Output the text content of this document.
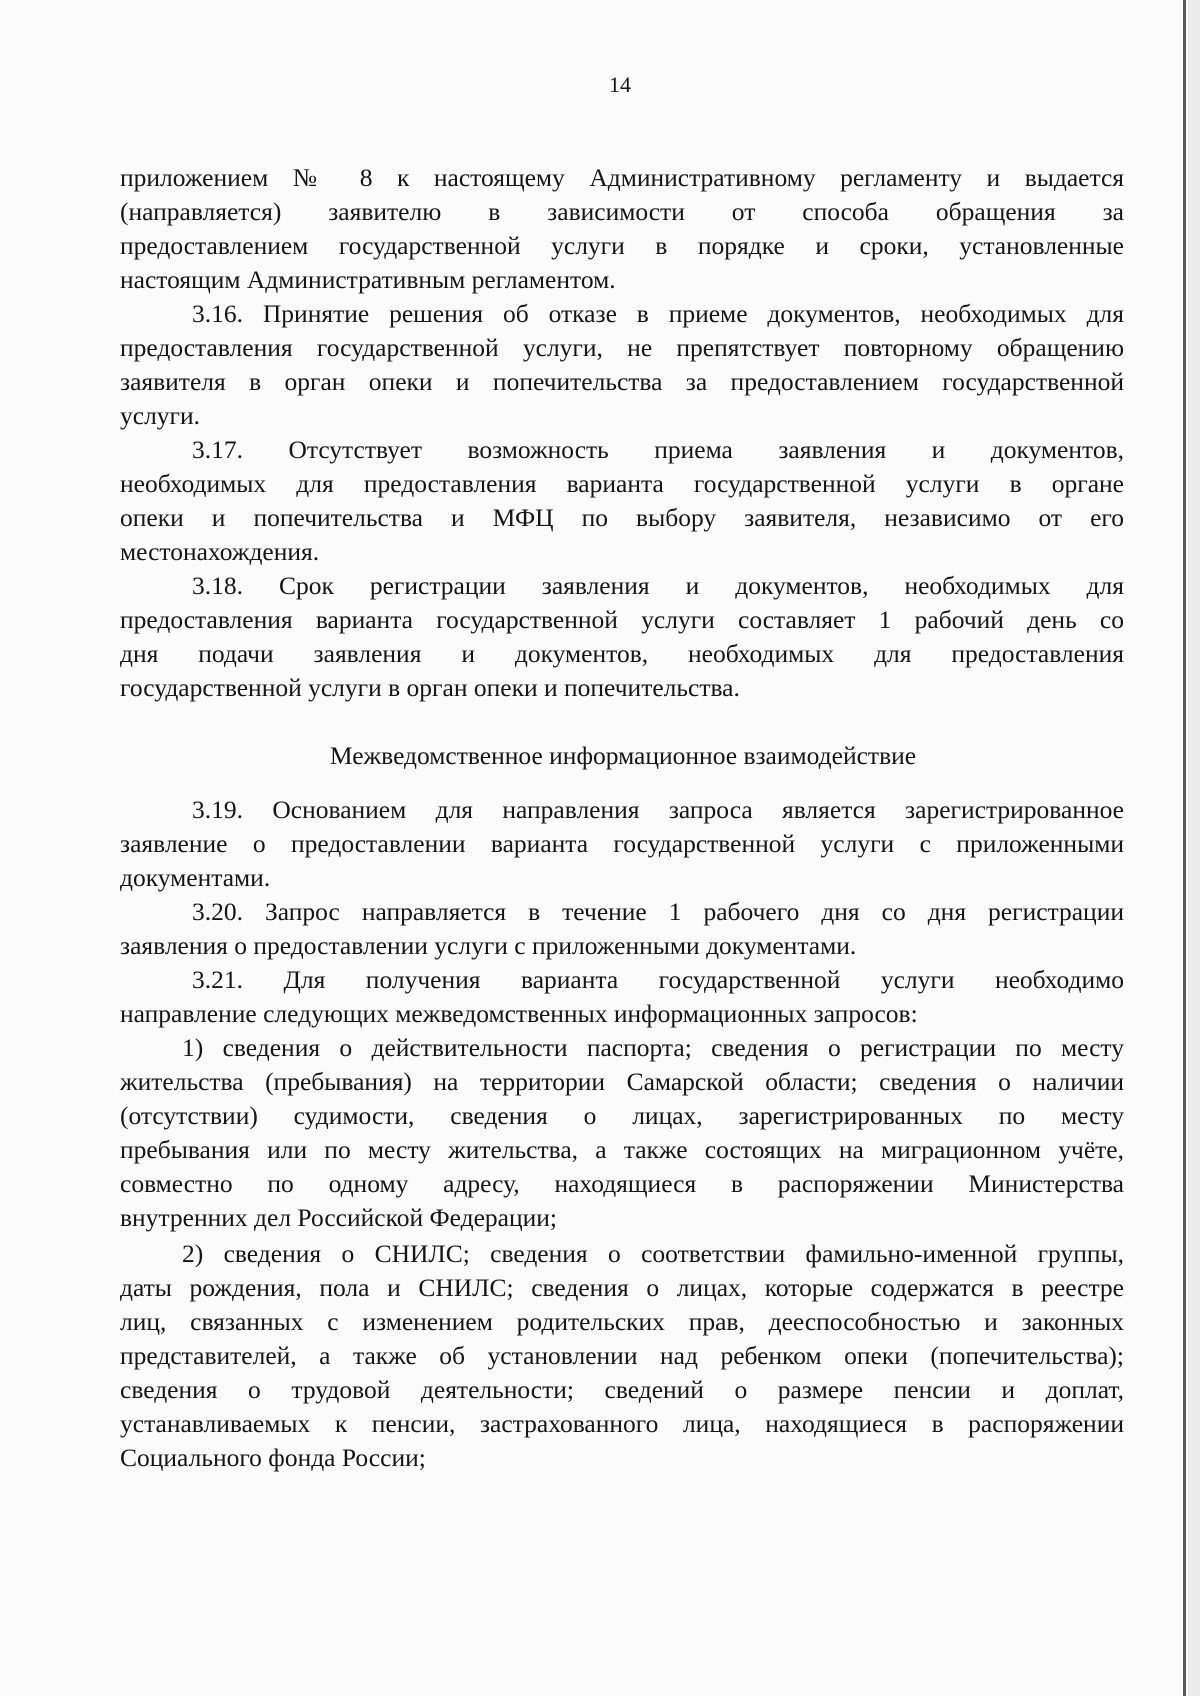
14
приложением № 8 к настоящему Административному регламенту и выдается
(направляется) заявителю в зависимости от способа обращения за
предоставлением государственной услуги в порядке и сроки, установленные
настоящим Административным регламентом.
3.16. Принятие решения об отказе в приеме документов, необходимых для
предоставления государственной услуги, не препятствует повторному обращению
заявителя в орган опеки и попечительства за предоставлением государственной
услуги.
3.17. Отсутствует возможность приема заявления и документов,
необходимых для предоставления варианта государственной услуги в органе
опеки и попечительства и МФЦ по выбору заявителя, независимо от его
местонахождения.
3.18. Срок регистрации заявления и документов, необходимых для
предоставления варианта государственной услуги составляет 1 рабочий день со
дня подачи заявления и документов, необходимых для предоставления
государственной услуги в орган опеки и попечительства.
Межведомственное информационное взаимодействие
3.19. Основанием для направления запроса является зарегистрированное
заявление о предоставлении варианта государственной услуги с приложенными
документами.
3.20. Запрос направляется в течение 1 рабочего дня со дня регистрации
заявления о предоставлении услуги с приложенными документами.
3.21. Для получения варианта государственной услуги необходимо
направление следующих межведомственных информационных запросов:
1) сведения о действительности паспорта; сведения о регистрации по месту
жительства (пребывания) на территории Самарской области; сведения о наличии
(отсутствии) судимости, сведения о лицах, зарегистрированных по месту
пребывания или по месту жительства, а также состоящих на миграционном учёте,
совместно по одному адресу, находящиеся в распоряжении Министерства
внутренних дел Российской Федерации;
2) сведения о СНИЛС; сведения о соответствии фамильно-именной группы,
даты рождения, пола и СНИЛС; сведения о лицах, которые содержатся в реестре
лиц, связанных с изменением родительских прав, дееспособностью и законных
представителей, а также об установлении над ребенком опеки (попечительства);
сведения о трудовой деятельности; сведений о размере пенсии и доплат,
устанавливаемых к пенсии, застрахованного лица, находящиеся в распоряжении
Социального фонда России;
